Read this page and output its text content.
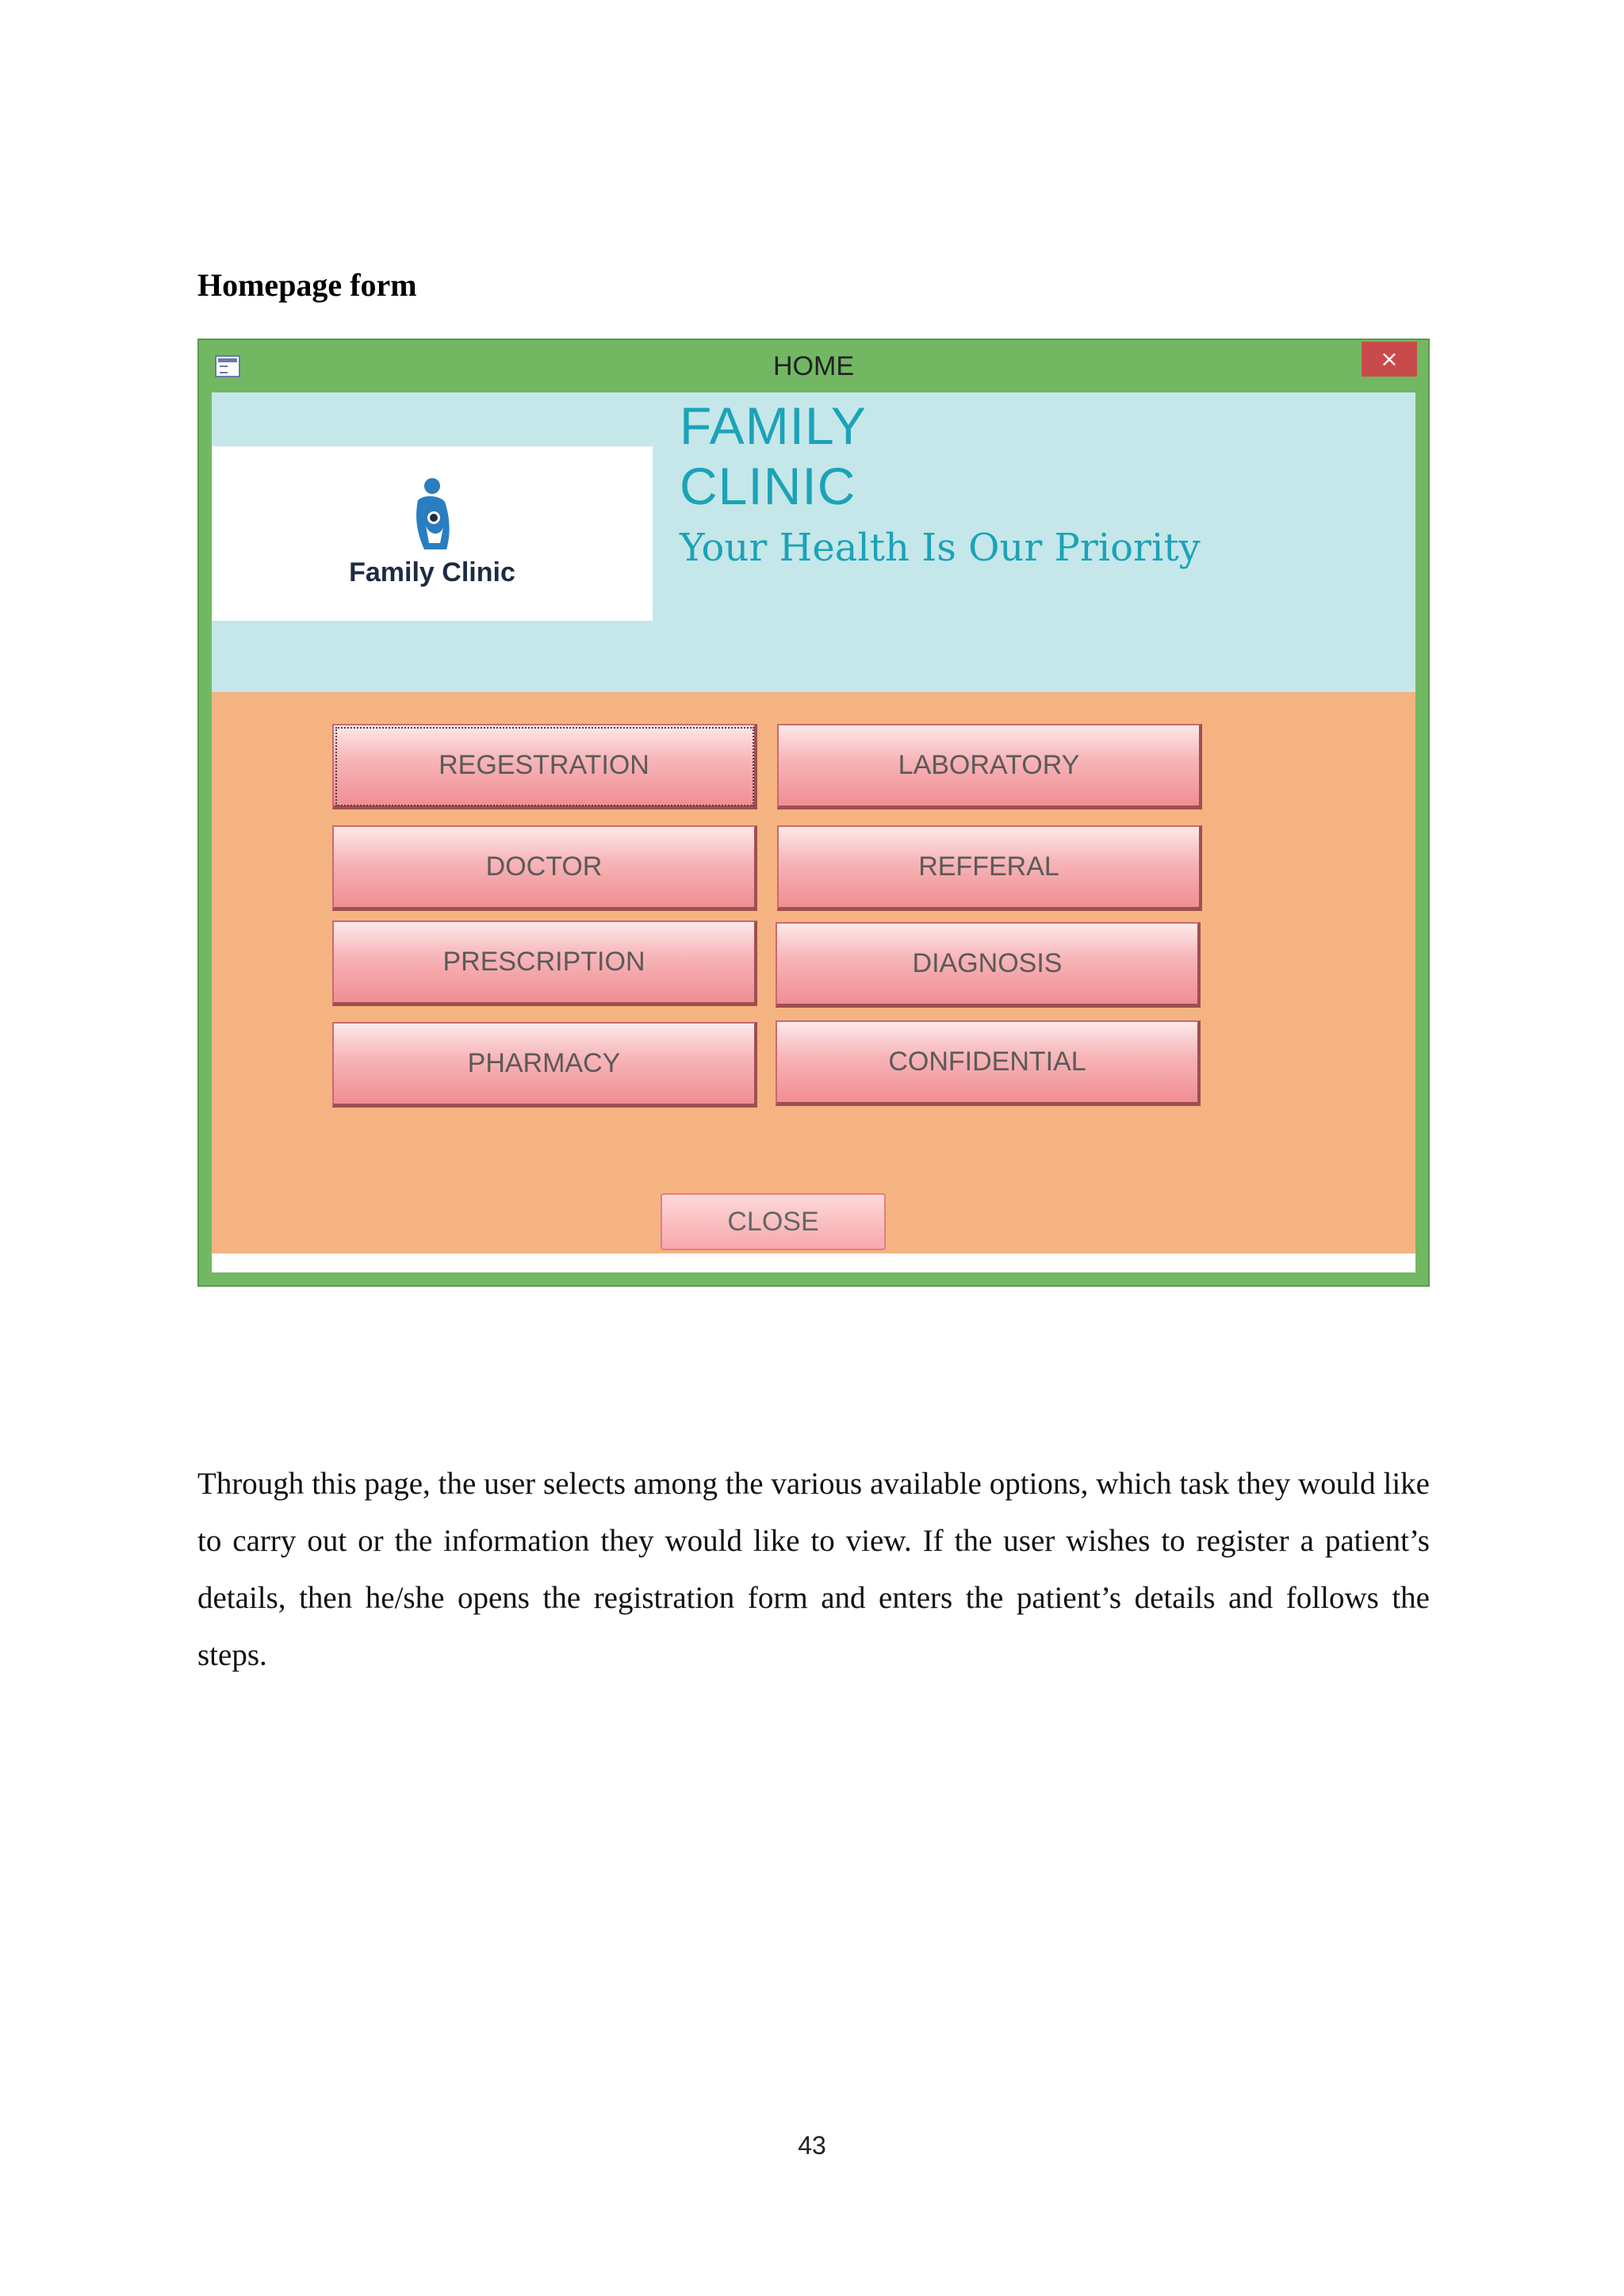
Homepage form
HOME	×
Family Clinic
FAMILY
CLINIC
Your Health Is Our Priority
REGESTRATION	LABORATORY
DOCTOR	REFFERAL
PRESCRIPTION	DIAGNOSIS
PHARMACY	CONFIDENTIAL
CLOSE
Through this page, the user selects among the various available options, which task they would like to carry out or the information they would like to view. If the user wishes to register a patient’s details, then he/she opens the registration form and enters the patient’s details and follows the steps.
43
